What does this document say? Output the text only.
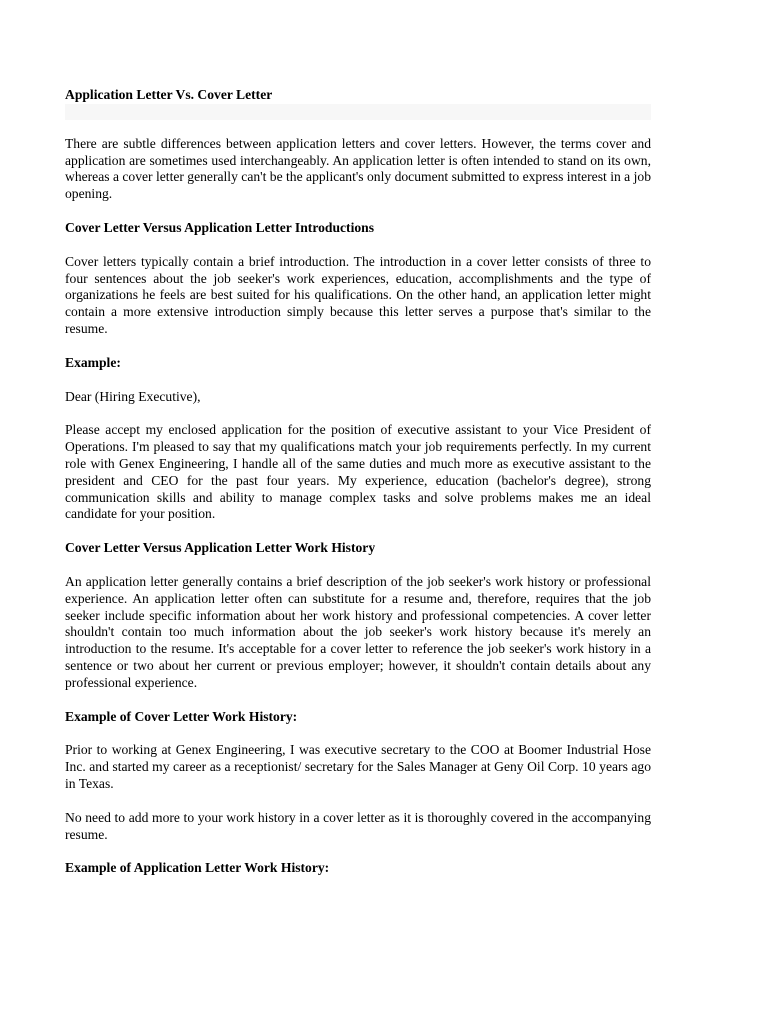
Application Letter Vs. Cover Letter

There are subtle differences between application letters and cover letters. However, the terms cover and application are sometimes used interchangeably. An application letter is often intended to stand on its own, whereas a cover letter generally can't be the applicant's only document submitted to express interest in a job opening.

Cover Letter Versus Application Letter Introductions

Cover letters typically contain a brief introduction. The introduction in a cover letter consists of three to four sentences about the job seeker's work experiences, education, accomplishments and the type of organizations he feels are best suited for his qualifications. On the other hand, an application letter might contain a more extensive introduction simply because this letter serves a purpose that's similar to the resume.

Example:

Dear (Hiring Executive),

Please accept my enclosed application for the position of executive assistant to your Vice President of Operations. I'm pleased to say that my qualifications match your job requirements perfectly. In my current role with Genex Engineering, I handle all of the same duties and much more as executive assistant to the president and CEO for the past four years. My experience, education (bachelor's degree), strong communication skills and ability to manage complex tasks and solve problems makes me an ideal candidate for your position.

Cover Letter Versus Application Letter Work History

An application letter generally contains a brief description of the job seeker's work history or professional experience. An application letter often can substitute for a resume and, therefore, requires that the job seeker include specific information about her work history and professional competencies. A cover letter shouldn't contain too much information about the job seeker's work history because it's merely an introduction to the resume. It's acceptable for a cover letter to reference the job seeker's work history in a sentence or two about her current or previous employer; however, it shouldn't contain details about any professional experience.

Example of Cover Letter Work History:

Prior to working at Genex Engineering, I was executive secretary to the COO at Boomer Industrial Hose Inc. and started my career as a receptionist/ secretary for the Sales Manager at Geny Oil Corp. 10 years ago in Texas.

No need to add more to your work history in a cover letter as it is thoroughly covered in the accompanying resume.

Example of Application Letter Work History:
